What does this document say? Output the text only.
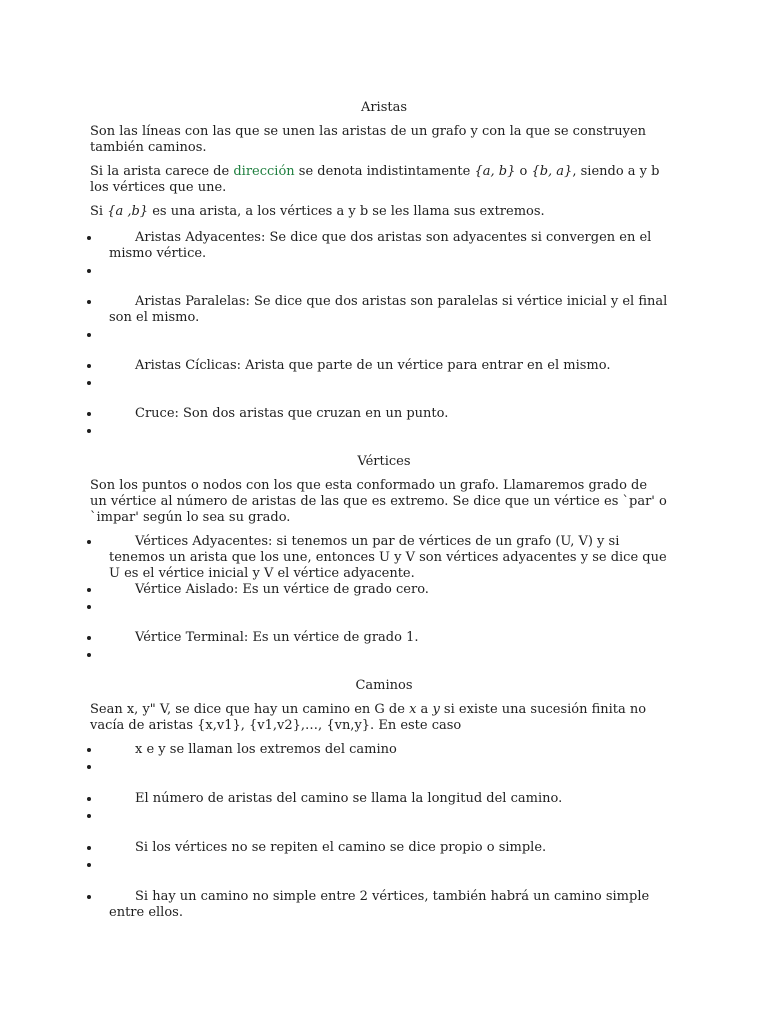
Aristas

Son las líneas con las que se unen las aristas de un grafo y con la que se construyen
también caminos.

Si la arista carece de dirección se denota indistintamente {a, b} o {b, a}, siendo a y b
los vértices que une.

Si {a ,b} es una arista, a los vértices a y b se les llama sus extremos.

Aristas Adyacentes: Se dice que dos aristas son adyacentes si convergen en el
mismo vértice.
Aristas Paralelas: Se dice que dos aristas son paralelas si vértice inicial y el final
son el mismo.
Aristas Cíclicas: Arista que parte de un vértice para entrar en el mismo.
Cruce: Son dos aristas que cruzan en un punto.
Vértices

Son los puntos o nodos con los que esta conformado un grafo. Llamaremos grado de
un vértice al número de aristas de las que es extremo. Se dice que un vértice es `par' o
`impar' según lo sea su grado.

Vértices Adyacentes: si tenemos un par de vértices de un grafo (U, V) y si
tenemos un arista que los une, entonces U y V son vértices adyacentes y se dice que
U es el vértice inicial y V el vértice adyacente.
Vértice Aislado: Es un vértice de grado cero.
Vértice Terminal: Es un vértice de grado 1.
Caminos

Sean x, y" V, se dice que hay un camino en G de x a y si existe una sucesión finita no
vacía de aristas {x,v1}, {v1,v2},…, {vn,y}. En este caso

x e y se llaman los extremos del camino
El número de aristas del camino se llama la longitud del camino.
Si los vértices no se repiten el camino se dice propio o simple.
Si hay un camino no simple entre 2 vértices, también habrá un camino simple
entre ellos.
